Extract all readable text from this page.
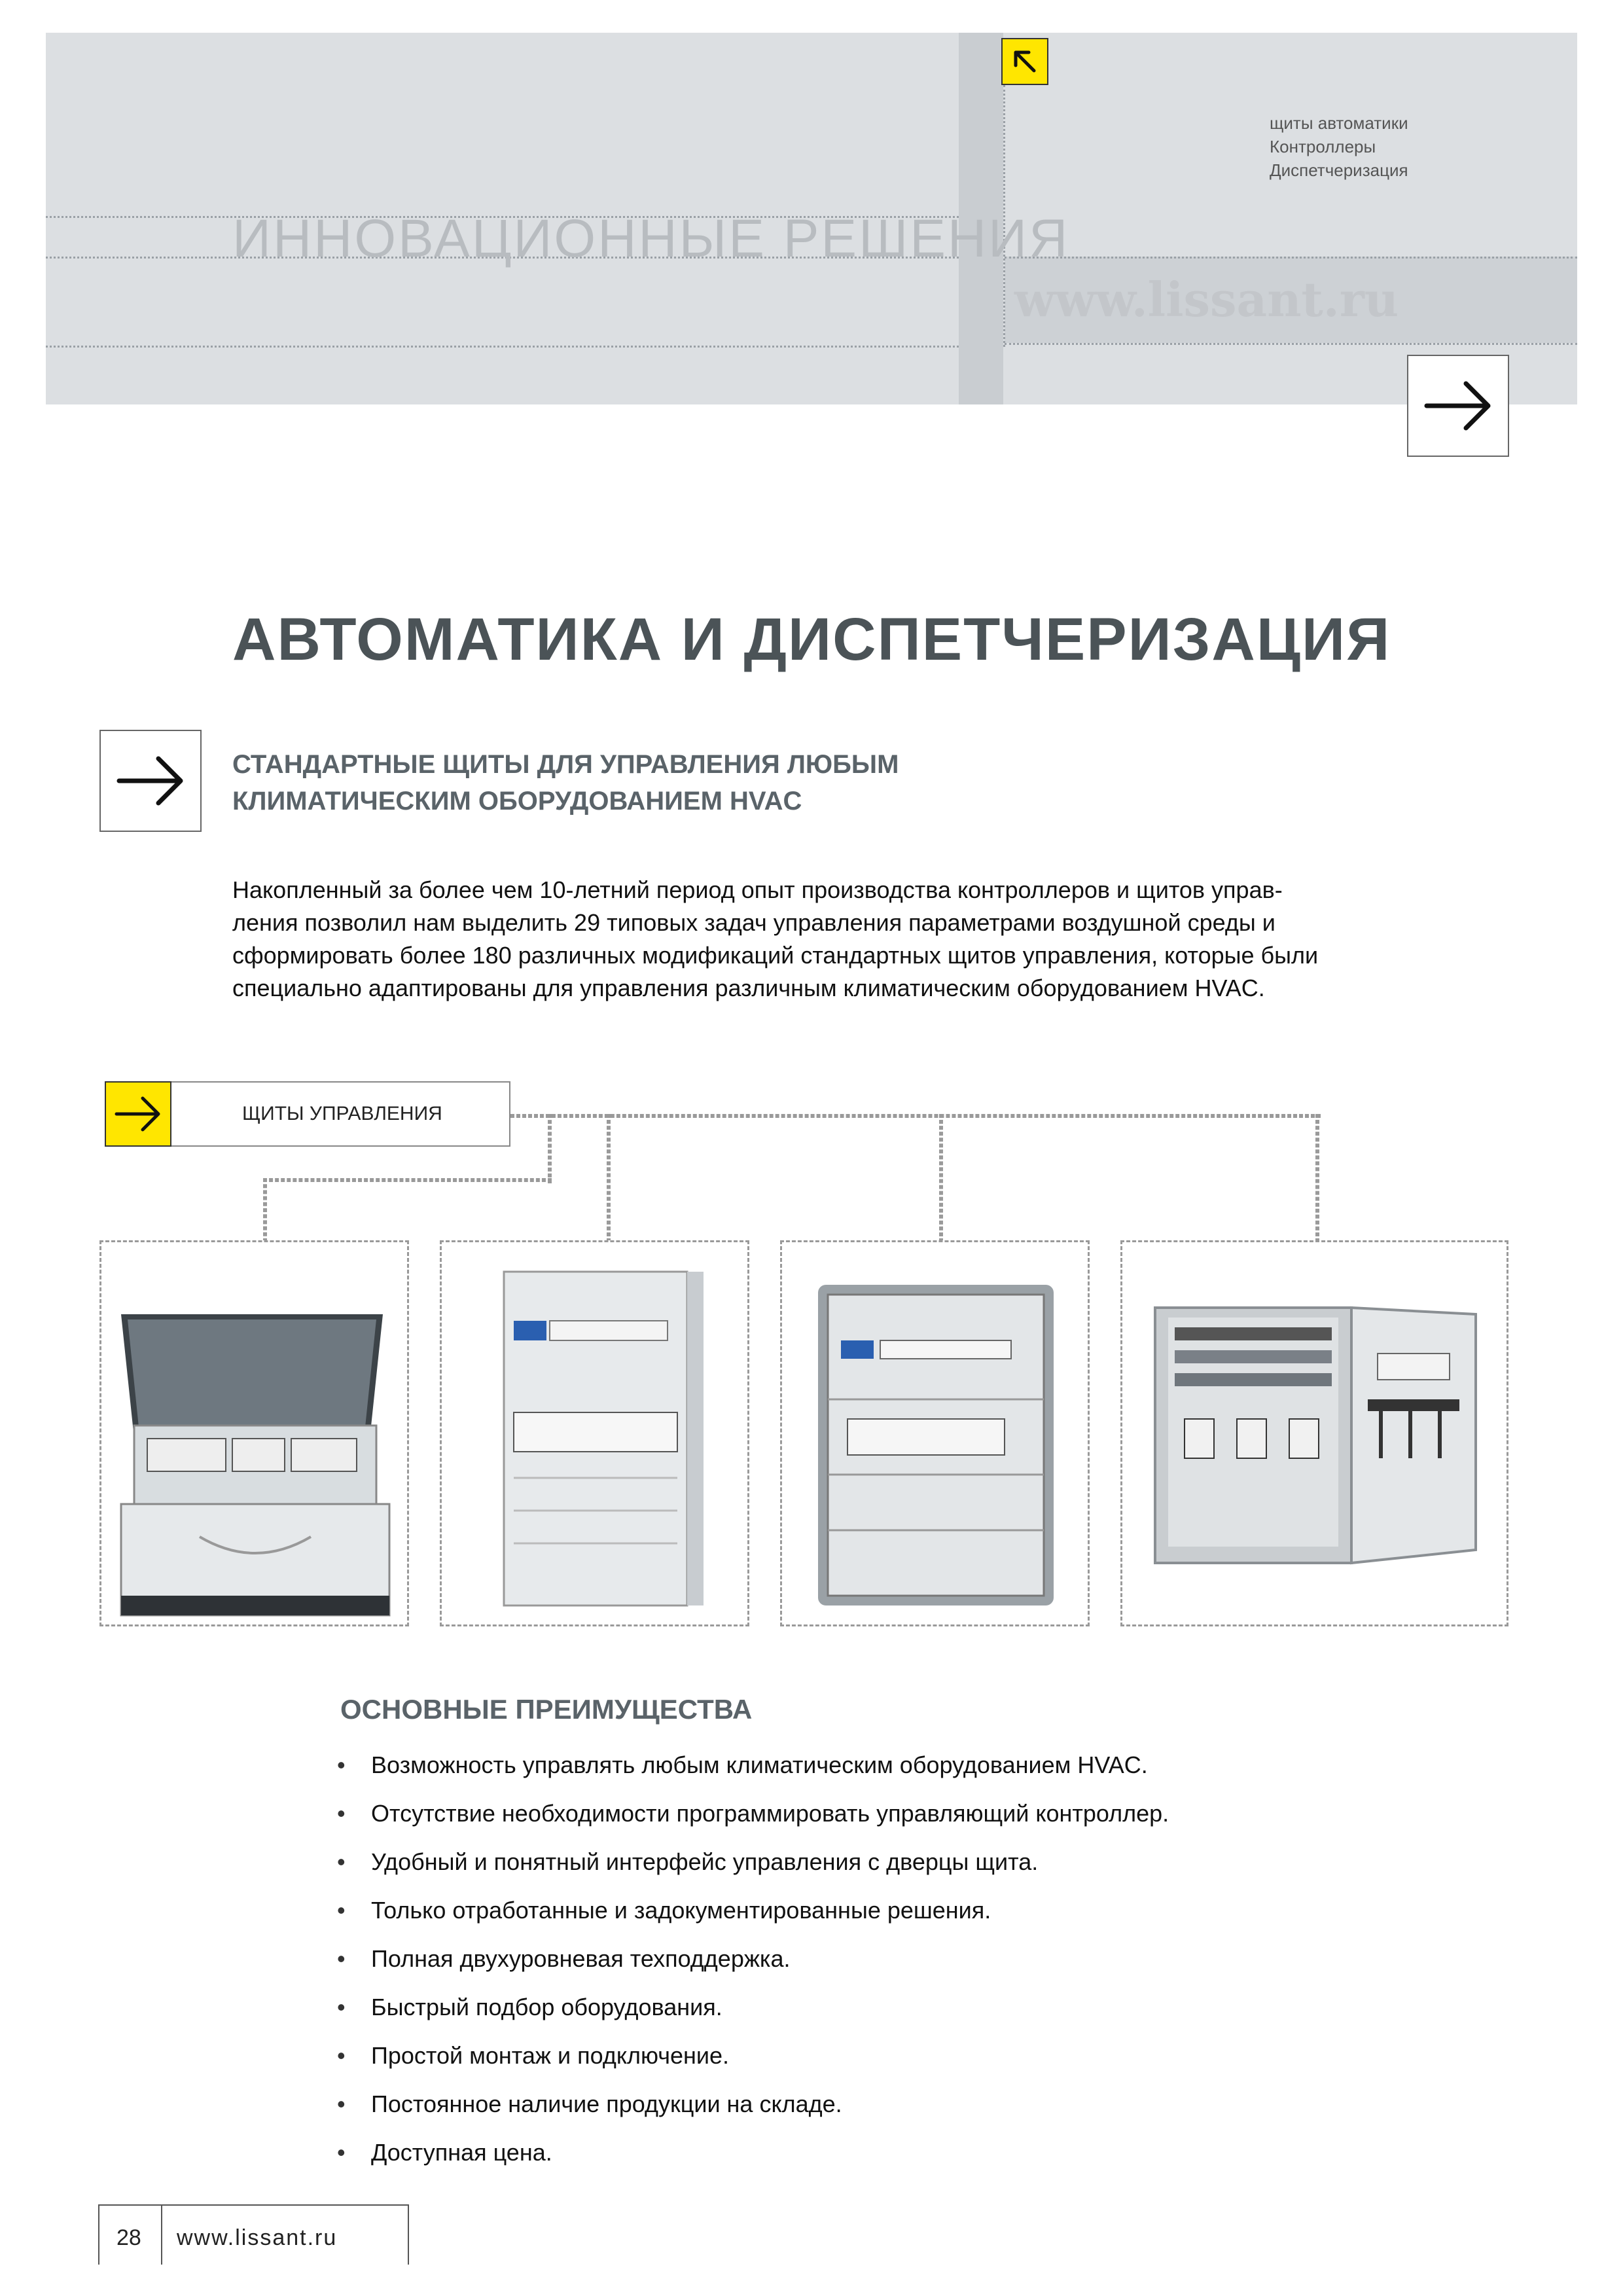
ИННОВАЦИОННЫЕ РЕШЕНИЯ
www.lissant.ru
щиты автоматики
Контроллеры
Диспетчеризация
АВТОМАТИКА И ДИСПЕТЧЕРИЗАЦИЯ
СТАНДАРТНЫЕ ЩИТЫ ДЛЯ УПРАВЛЕНИЯ ЛЮБЫМ
КЛИМАТИЧЕСКИМ ОБОРУДОВАНИЕМ HVAC
Накопленный за более чем 10-летний период опыт производства контроллеров и щитов управ-
ления позволил нам выделить 29 типовых задач управления параметрами воздушной среды и
сформировать более 180 различных модификаций стандартных щитов управления, которые были
специально адаптированы для управления различным климатическим оборудованием HVAC.
ЩИТЫ УПРАВЛЕНИЯ
ОСНОВНЫЕ ПРЕИМУЩЕСТВА
• Возможность управлять любым климатическим оборудованием HVAC.
• Отсутствие необходимости программировать управляющий контроллер.
• Удобный и понятный интерфейс управления с дверцы щита.
• Только отработанные и задокументированные решения.
• Полная двухуровневая техподдержка.
• Быстрый подбор оборудования.
• Простой монтаж и подключение.
• Постоянное наличие продукции на складе.
• Доступная цена.
28 www.lissant.ru
